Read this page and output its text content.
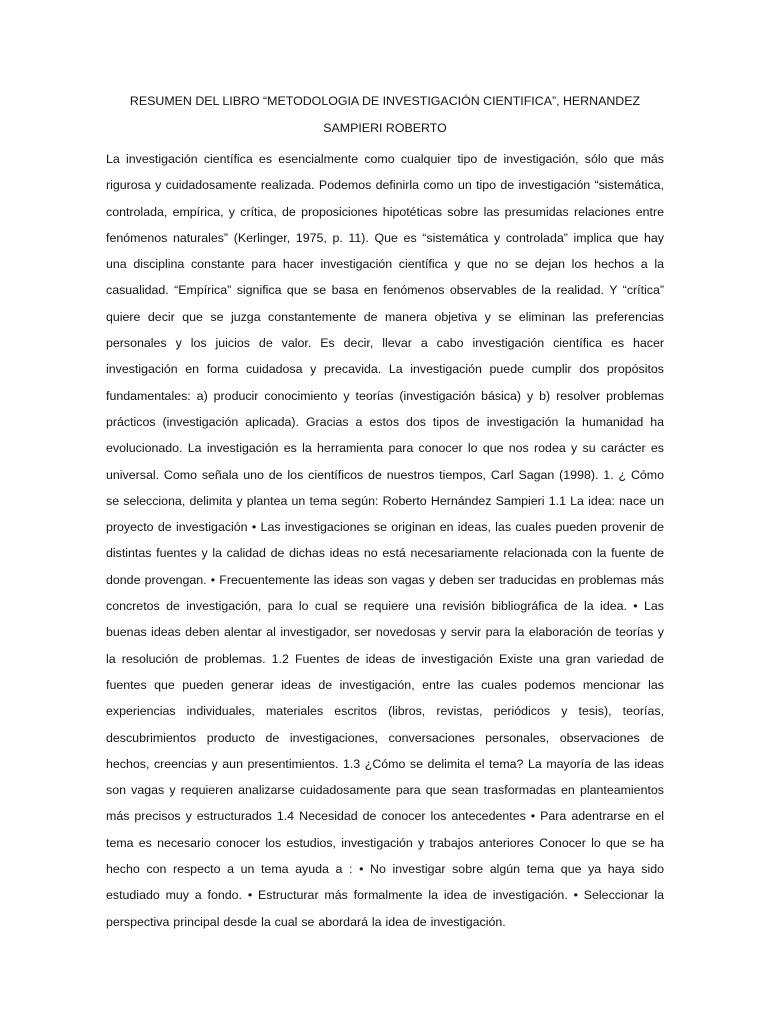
RESUMEN DEL LIBRO “METODOLOGIA DE INVESTIGACIÓN CIENTIFICA”, HERNANDEZ SAMPIERI ROBERTO

La investigación científica es esencialmente como cualquier tipo de investigación, sólo que más rigurosa y cuidadosamente realizada. Podemos definirla como un tipo de investigación “sistemática, controlada, empírica, y crítica, de proposiciones hipotéticas sobre las presumidas relaciones entre fenómenos naturales” (Kerlinger, 1975, p. 11). Que es “sistemática y controlada” implica que hay una disciplina constante para hacer investigación científica y que no se dejan los hechos a la casualidad. “Empírica” significa que se basa en fenómenos observables de la realidad. Y “crítica” quiere decir que se juzga constantemente de manera objetiva y se eliminan las preferencias personales y los juicios de valor. Es decir, llevar a cabo investigación científica es hacer investigación en forma cuidadosa y precavida. La investigación puede cumplir dos propósitos fundamentales: a) producir conocimiento y teorías (investigación básica) y b) resolver problemas prácticos (investigación aplicada). Gracias a estos dos tipos de investigación la humanidad ha evolucionado. La investigación es la herramienta para conocer lo que nos rodea y su carácter es universal. Como señala uno de los científicos de nuestros tiempos, Carl Sagan (1998). 1. ¿ Cómo se selecciona, delimita y plantea un tema según: Roberto Hernández Sampieri 1.1 La idea: nace un proyecto de investigación • Las investigaciones se originan en ideas, las cuales pueden provenir de distintas fuentes y la calidad de dichas ideas no está necesariamente relacionada con la fuente de donde provengan. • Frecuentemente las ideas son vagas y deben ser traducidas en problemas más concretos de investigación, para lo cual se requiere una revisión bibliográfica de la idea. • Las buenas ideas deben alentar al investigador, ser novedosas y servir para la elaboración de teorías y la resolución de problemas. 1.2 Fuentes de ideas de investigación Existe una gran variedad de fuentes que pueden generar ideas de investigación, entre las cuales podemos mencionar las experiencias individuales, materiales escritos (libros, revistas, periódicos y tesis), teorías, descubrimientos producto de investigaciones, conversaciones personales, observaciones de hechos, creencias y aun presentimientos. 1.3 ¿Cómo se delimita el tema? La mayoría de las ideas son vagas y requieren analizarse cuidadosamente para que sean trasformadas en planteamientos más precisos y estructurados 1.4 Necesidad de conocer los antecedentes • Para adentrarse en el tema es necesario conocer los estudios, investigación y trabajos anteriores Conocer lo que se ha hecho con respecto a un tema ayuda a : • No investigar sobre algún tema que ya haya sido estudiado muy a fondo. • Estructurar más formalmente la idea de investigación. • Seleccionar la perspectiva principal desde la cual se abordará la idea de investigación.
